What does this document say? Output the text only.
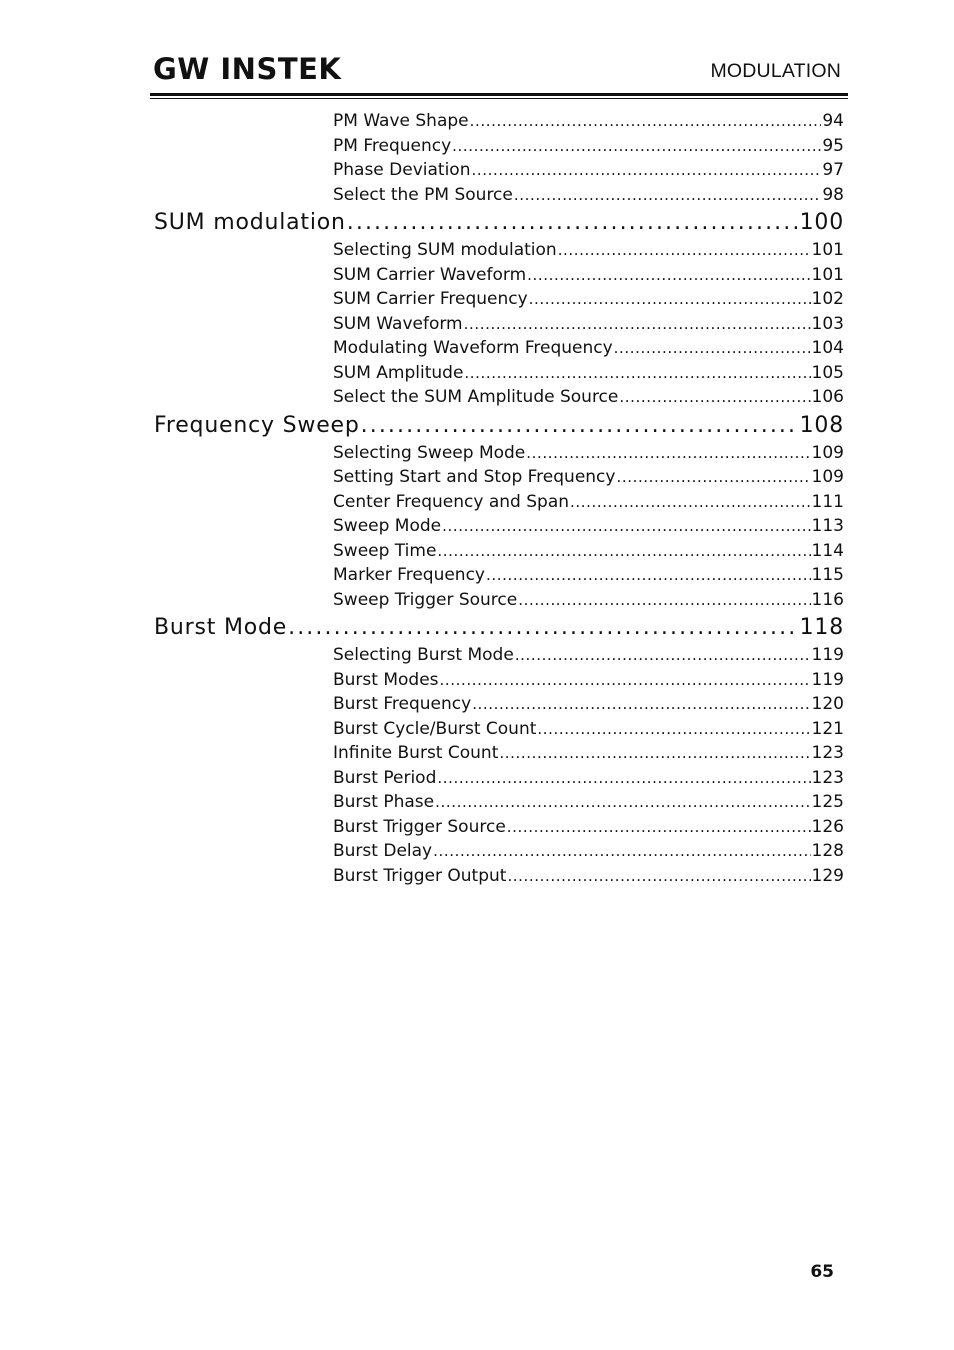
GW INSTEK	MODULATION
PM Wave Shape .....	94
PM Frequency .....	95
Phase Deviation .....	97
Select the PM Source .....	98
SUM modulation .....	100
Selecting SUM modulation .....	101
SUM Carrier Waveform .....	101
SUM Carrier Frequency .....	102
SUM Waveform .....	103
Modulating Waveform Frequency .....	104
SUM Amplitude .....	105
Select the SUM Amplitude Source .....	106
Frequency Sweep .....	108
Selecting Sweep Mode .....	109
Setting Start and Stop Frequency .....	109
Center Frequency and Span .....	111
Sweep Mode .....	113
Sweep Time .....	114
Marker Frequency .....	115
Sweep Trigger Source .....	116
Burst Mode .....	118
Selecting Burst Mode .....	119
Burst Modes .....	119
Burst Frequency .....	120
Burst Cycle/Burst Count .....	121
Infinite Burst Count .....	123
Burst Period .....	123
Burst Phase .....	125
Burst Trigger Source .....	126
Burst Delay .....	128
Burst Trigger Output .....	129
65
